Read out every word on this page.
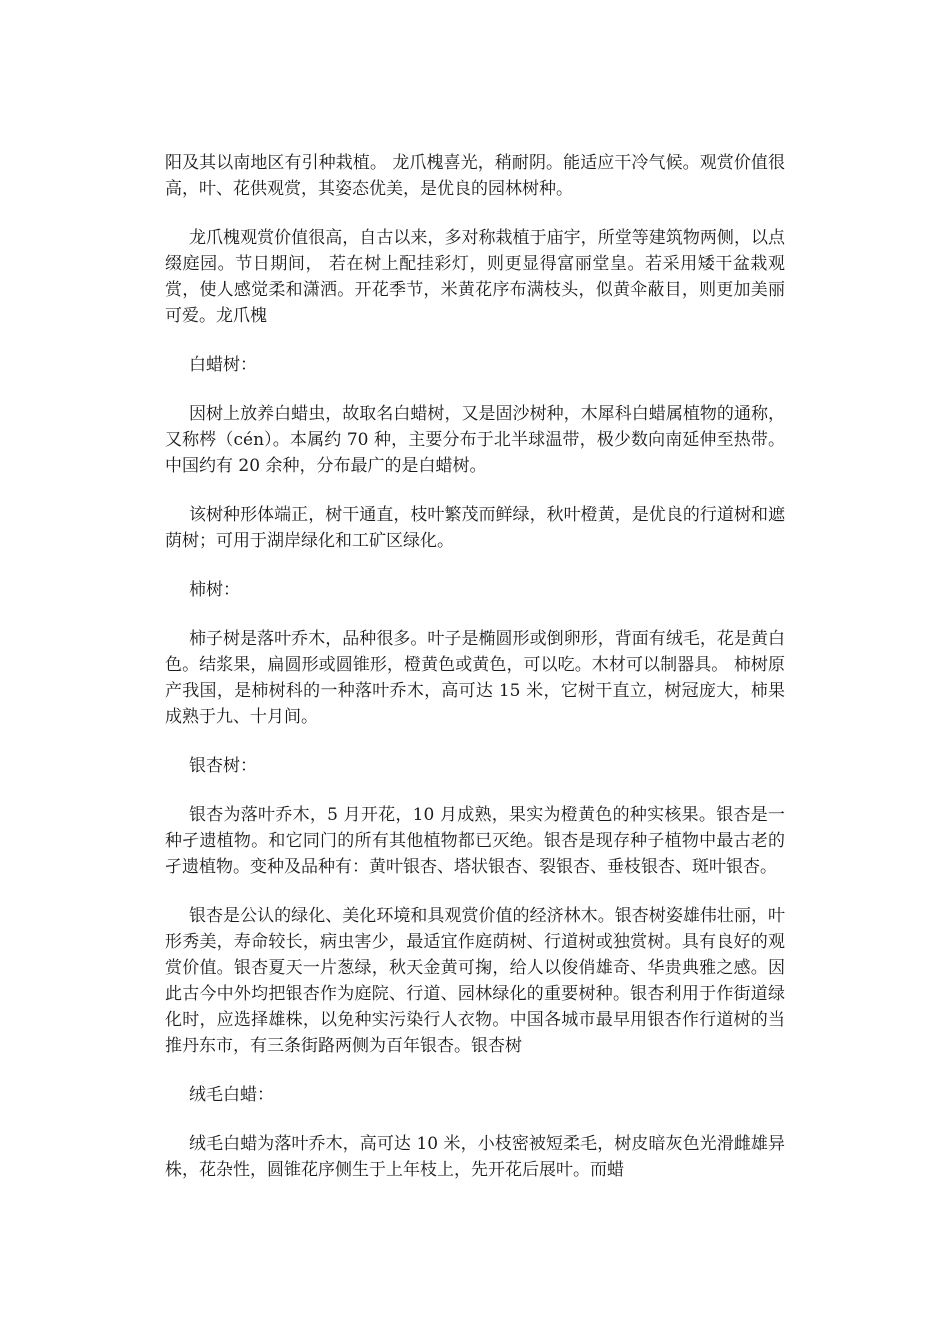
阳及其以南地区有引种栽植。 龙爪槐喜光，稍耐阴。能适应干冷气候。观赏价值很高，叶、花供观赏，其姿态优美，是优良的园林树种。

龙爪槐观赏价值很高，自古以来，多对称栽植于庙宇，所堂等建筑物两侧，以点缀庭园。节日期间， 若在树上配挂彩灯，则更显得富丽堂皇。若采用矮干盆栽观赏，使人感觉柔和潇洒。开花季节，米黄花序布满枝头，似黄伞蔽目，则更加美丽可爱。龙爪槐

白蜡树：

因树上放养白蜡虫，故取名白蜡树，又是固沙树种，木犀科白蜡属植物的通称，又称梣（cén）。本属约 70 种，主要分布于北半球温带，极少数向南延伸至热带。中国约有 20 余种，分布最广的是白蜡树。

该树种形体端正，树干通直，枝叶繁茂而鲜绿，秋叶橙黄，是优良的行道树和遮荫树；可用于湖岸绿化和工矿区绿化。

柿树：

柿子树是落叶乔木，品种很多。叶子是椭圆形或倒卵形，背面有绒毛，花是黄白色。结浆果，扁圆形或圆锥形，橙黄色或黄色，可以吃。木材可以制器具。 柿树原产我国，是柿树科的一种落叶乔木，高可达 15 米，它树干直立，树冠庞大，柿果成熟于九、十月间。

银杏树：

银杏为落叶乔木，5 月开花，10 月成熟，果实为橙黄色的种实核果。银杏是一种孑遗植物。和它同门的所有其他植物都已灭绝。银杏是现存种子植物中最古老的孑遗植物。变种及品种有：黄叶银杏、塔状银杏、裂银杏、垂枝银杏、斑叶银杏。

银杏是公认的绿化、美化环境和具观赏价值的经济林木。银杏树姿雄伟壮丽，叶形秀美，寿命较长，病虫害少，最适宜作庭荫树、行道树或独赏树。具有良好的观赏价值。银杏夏天一片葱绿，秋天金黄可掬，给人以俊俏雄奇、华贵典雅之感。因此古今中外均把银杏作为庭院、行道、园林绿化的重要树种。银杏利用于作街道绿化时，应选择雄株，以免种实污染行人衣物。中国各城市最早用银杏作行道树的当推丹东市，有三条街路两侧为百年银杏。银杏树

绒毛白蜡：

绒毛白蜡为落叶乔木，高可达 10 米，小枝密被短柔毛，树皮暗灰色光滑雌雄异株，花杂性，圆锥花序侧生于上年枝上，先开花后展叶。而蜡
